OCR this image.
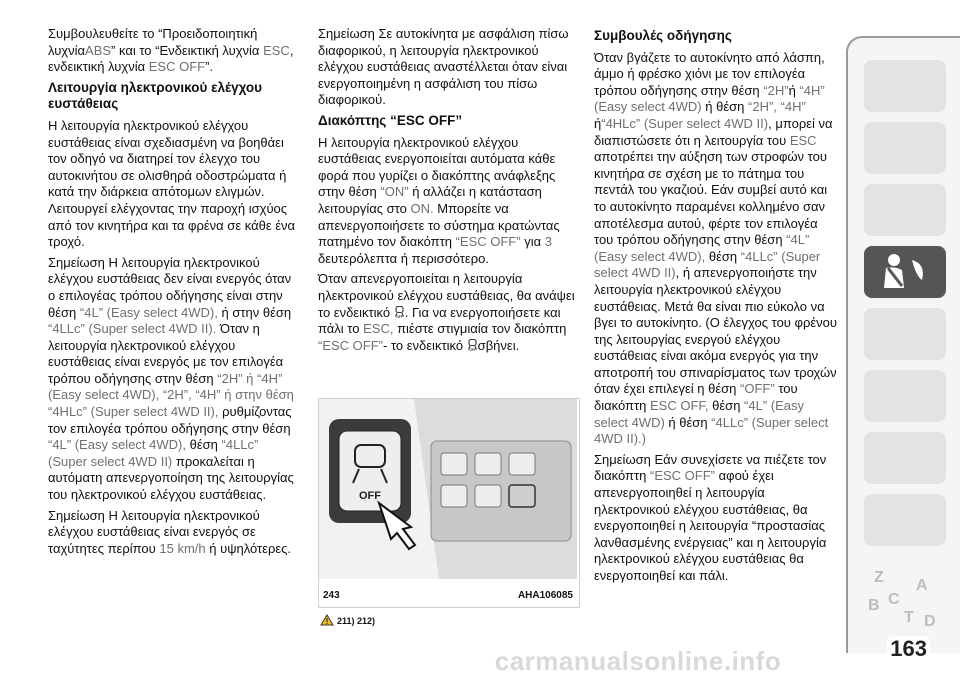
Συμβουλευθείτε το “Προειδοποιητική λυχνίαABS” και το “Ενδεικτική λυχνία ESC, ενδεικτική λυχνία ESC OFF”.

Λειτουργία ηλεκτρονικού ελέγχου ευστάθειας

Η λειτουργία ηλεκτρονικού ελέγχου ευστάθειας είναι σχεδιασμένη να βοηθάει τον οδηγό να διατηρεί τον έλεγχο του αυτοκινήτου σε ολισθηρά οδοστρώματα ή κατά την διάρκεια απότομων ελιγμών. Λειτουργεί ελέγχοντας την παροχή ισχύος από τον κινητήρα και τα φρένα σε κάθε ένα τροχό.

Σημείωση Η λειτουργία ηλεκτρονικού ελέγχου ευστάθειας δεν είναι ενεργός όταν ο επιλογέας τρόπου οδήγησης είναι στην θέση “4L” (Easy select 4WD), ή στην θέση “4LLc” (Super select 4WD II). Όταν η λειτουργία ηλεκτρονικού ελέγχου ευστάθειας είναι ενεργός με τον επιλογέα τρόπου οδήγησης στην θέση “2H” ή “4H” (Easy select 4WD), “2H”, “4H” ή στην θέση “4HLc” (Super select 4WD II), ρυθμίζοντας τον επιλογέα τρόπου οδήγησης στην θέση “4L” (Easy select 4WD), θέση “4LLc” (Super select 4WD II) προκαλείται η αυτόματη απενεργοποίηση της λειτουργίας του ηλεκτρονικού ελέγχου ευστάθειας.

Σημείωση Η λειτουργία ηλεκτρονικού ελέγχου ευστάθειας είναι ενεργός σε ταχύτητες περίπου 15 km/h ή υψηλότερες.

Σημείωση Σε αυτοκίνητα με ασφάλιση πίσω διαφορικού, η λειτουργία ηλεκτρονικού ελέγχου ευστάθειας αναστέλλεται όταν είναι ενεργοποιημένη η ασφάλιση του πίσω διαφορικού.

Διακόπτης “ESC OFF”

Η λειτουργία ηλεκτρονικού ελέγχου ευστάθειας ενεργοποιείται αυτόματα κάθε φορά που γυρίζει ο διακόπτης ανάφλεξης στην θέση “ON” ή αλλάζει η κατάσταση λειτουργίας στο ON. Μπορείτε να απενεργοποιήσετε το σύστημα κρατώντας πατημένο τον διακόπτη “ESC OFF” για 3 δευτερόλεπτα ή περισσότερο.

Όταν απενεργοποιείται η λειτουργία ηλεκτρονικού ελέγχου ευστάθειας, θα ανάψει το ενδεικτικό OFF . Για να ενεργοποιήσετε και πάλι το ESC, πιέστε στιγμιαία τον διακόπτη “ESC OFF”- το ενδεικτικό OFF σβήνει.

OFF
243	AHA106085
211) 212)
Συμβουλές οδήγησης

Όταν βγάζετε το αυτοκίνητο από λάσπη, άμμο ή φρέσκο χιόνι με τον επιλογέα τρόπου οδήγησης στην θέση “2H”ή “4H” (Easy select 4WD) ή θέση “2H”, “4H” ή“4HLc” (Super select 4WD II), μπορεί να διαπιστώσετε ότι η λειτουργία του ESC αποτρέπει την αύξηση των στροφών του κινητήρα σε σχέση με το πάτημα του πεντάλ του γκαζιού. Εάν συμβεί αυτό και το αυτοκίνητο παραμένει κολλημένο σαν αποτέλεσμα αυτού, φέρτε τον επιλογέα του τρόπου οδήγησης στην θέση “4L” (Easy select 4WD), θέση “4LLc” (Super select 4WD II), ή απενεργοποιήστε την λειτουργία ηλεκτρονικού ελέγχου ευστάθειας. Μετά θα είναι πιο εύκολο να βγει το αυτοκίνητο. (Ο έλεγχος του φρένου της λειτουργίας ενεργού ελέγχου ευστάθειας είναι ακόμα ενεργός για την αποτροπή του σπιναρίσματος των τροχών όταν έχει επιλεγεί η θέση “OFF” του διακόπτη ESC OFF, θέση “4L” (Easy select 4WD) ή θέση “4LLc” (Super select 4WD II).)

Σημείωση Εάν συνεχίσετε να πιέζετε τον διακόπτη “ESC OFF” αφού έχει απενεργοποιηθεί η λειτουργία ηλεκτρονικού ελέγχου ευστάθειας, θα ενεργοποιηθεί η λειτουργία “προστασίας λανθασμένης ενέργειας” και η λειτουργία ηλεκτρονικού ελέγχου ευστάθειας θα ενεργοποιηθεί και πάλι.	Z
B C
A
T D
163
carmanualsonline.info
